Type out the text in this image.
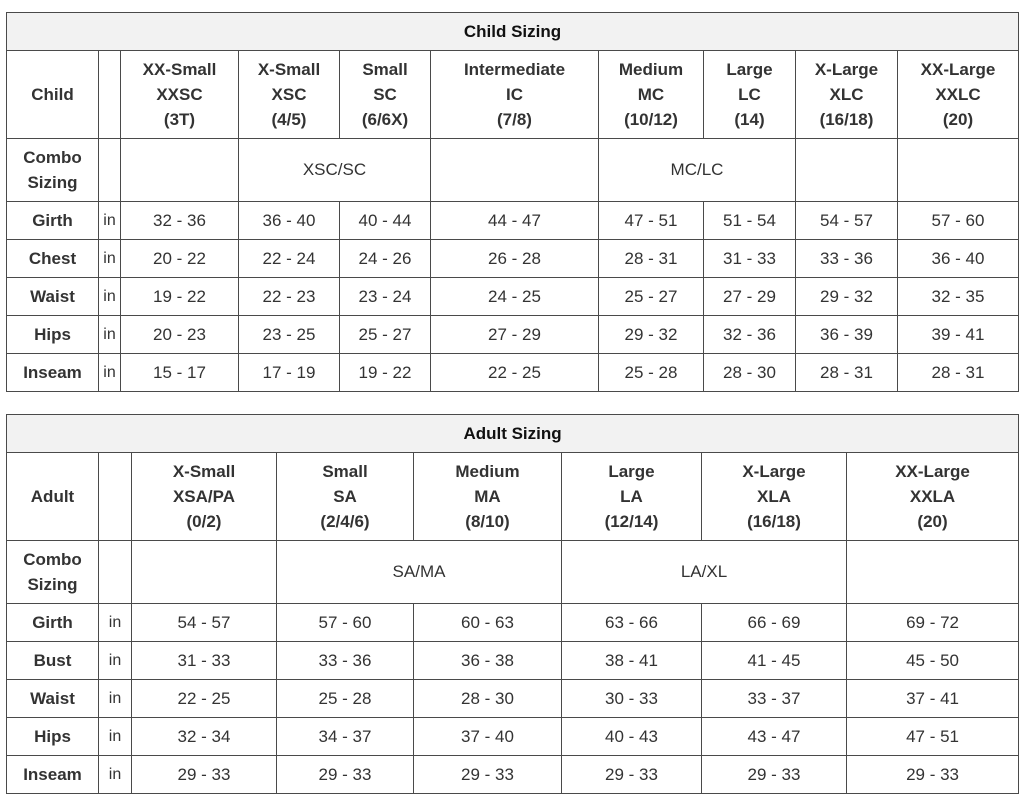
Child Sizing									
Child		XX-Small
XXSC
(3T)	X-Small
XSC
(4/5)	Small
SC
(6/6X)	Intermediate
IC
(7/8)	Medium
MC
(10/12)	Large
LC
(14)	X-Large
XLC
(16/18)	XX-Large
XXLC
(20)

Combo
Sizing			XSC/SC			MC/LC			
Girth	in	32 - 36	36 - 40	40 - 44	44 - 47	47 - 51	51 - 54	54 - 57	57 - 60
Chest	in	20 - 22	22 - 24	24 - 26	26 - 28	28 - 31	31 - 33	33 - 36	36 - 40
Waist	in	19 - 22	22 - 23	23 - 24	24 - 25	25 - 27	27 - 29	29 - 32	32 - 35
Hips	in	20 - 23	23 - 25	25 - 27	27 - 29	29 - 32	32 - 36	36 - 39	39 - 41
Inseam	in	15 - 17	17 - 19	19 - 22	22 - 25	25 - 28	28 - 30	28 - 31	28 - 31
Adult Sizing							
Adult		X-Small
XSA/PA
(0/2)	Small
SA
(2/4/6)	Medium
MA
(8/10)	Large
LA
(12/14)	X-Large
XLA
(16/18)	XX-Large
XXLA
(20)

Combo
Sizing			SA/MA		LA/XL		
Girth	in	54 - 57	57 - 60	60 - 63	63 - 66	66 - 69	69 - 72
Bust	in	31 - 33	33 - 36	36 - 38	38 - 41	41 - 45	45 - 50
Waist	in	22 - 25	25 - 28	28 - 30	30 - 33	33 - 37	37 - 41
Hips	in	32 - 34	34 - 37	37 - 40	40 - 43	43 - 47	47 - 51
Inseam	in	29 - 33	29 - 33	29 - 33	29 - 33	29 - 33	29 - 33
